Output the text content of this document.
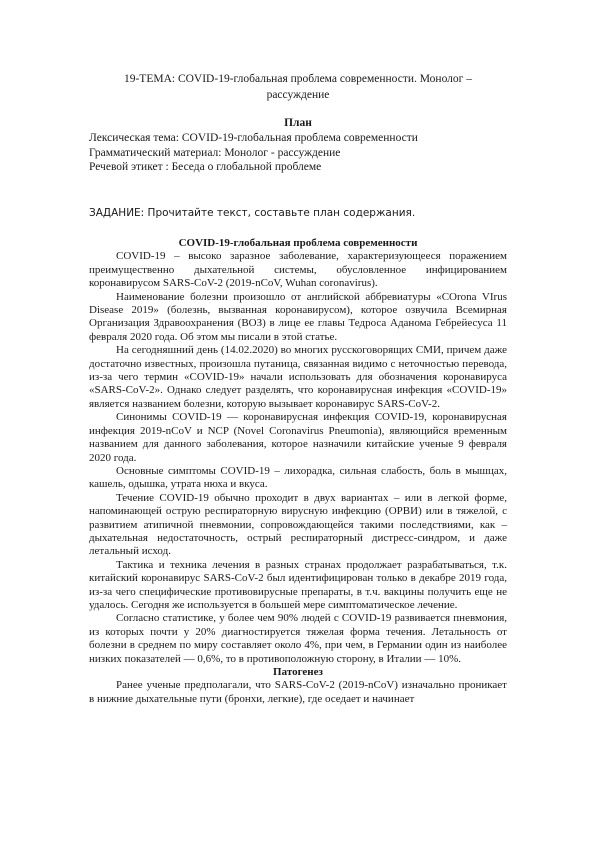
19-ТЕМА: COVID-19-глобальная проблема современности. Монолог – рассуждение
План
Лексическая тема: COVID-19-глобальная проблема современности
Грамматический материал: Монолог - рассуждение
Речевой этикет : Беседа о глобальной проблеме
ЗАДАНИЕ: Прочитайте текст, составьте план содержания.
COVID-19-глобальная проблема современности

COVID-19 – высоко заразное заболевание, характеризующееся поражением преимущественно дыхательной системы, обусловленное инфицированием коронавирусом SARS-CoV-2 (2019-nCoV, Wuhan coronavirus).

Наименование болезни произошло от английской аббревиатуры «COrona VIrus Disease 2019» (болезнь, вызванная коронавирусом), которое озвучила Всемирная Организация Здравоохранения (ВОЗ) в лице ее главы Тедроса Аданома Гебрейесуса 11 февраля 2020 года. Об этом мы писали в этой статье.

На сегодняшний день (14.02.2020) во многих русскоговорящих СМИ, причем даже достаточно известных, произошла путаница, связанная видимо с неточностью перевода, из-за чего термин «COVID-19» начали использовать для обозначения коронавируса «SARS-CoV-2». Однако следует разделять, что коронавирусная инфекция «COVID-19» является названием болезни, которую вызывает коронавирус SARS-CoV-2.

Синонимы COVID-19 — коронавирусная инфекция COVID-19, коронавирусная инфекция 2019-nCoV и NCP (Novel Coronavirus Pneumonia), являющийся временным названием для данного заболевания, которое назначили китайские ученые 9 февраля 2020 года.

Основные симптомы COVID-19 – лихорадка, сильная слабость, боль в мышцах, кашель, одышка, утрата нюха и вкуса.

Течение COVID-19 обычно проходит в двух вариантах – или в легкой форме, напоминающей острую респираторную вирусную инфекцию (ОРВИ) или в тяжелой, с развитием атипичной пневмонии, сопровождающейся такими последствиями, как – дыхательная недостаточность, острый респираторный дистресс-синдром, и даже летальный исход.

Тактика и техника лечения в разных странах продолжает разрабатываться, т.к. китайский коронавирус SARS-CoV-2 был идентифицирован только в декабре 2019 года, из-за чего специфические противовирусные препараты, в т.ч. вакцины получить еще не удалось. Сегодня же используется в большей мере симптоматическое лечение.

Согласно статистике, у более чем 90% людей с COVID-19 развивается пневмония, из которых почти у 20% диагностируется тяжелая форма течения. Летальность от болезни в среднем по миру составляет около 4%, при чем, в Германии один из наиболее низких показателей — 0,6%, то в противоположную сторону, в Италии — 10%.

Патогенез

Ранее ученые предполагали, что SARS-CoV-2 (2019-nCoV) изначально проникает в нижние дыхательные пути (бронхи, легкие), где оседает и начинает
